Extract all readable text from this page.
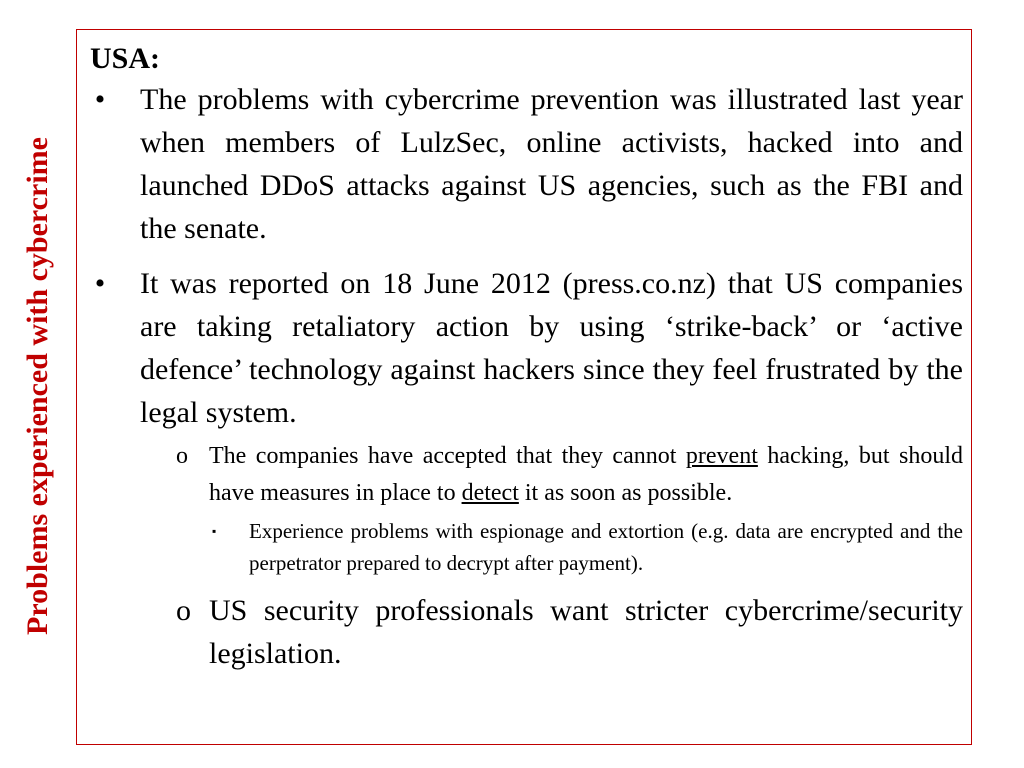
Problems experienced with cybercrime
USA:
• The problems with cybercrime prevention was illustrated last year when members of LulzSec, online activists, hacked into and launched DDoS attacks against US agencies, such as the FBI and the senate.
• It was reported on 18 June 2012 (press.co.nz) that US companies are taking retaliatory action by using ‘strike-back’ or ‘active defence’ technology against hackers since they feel frustrated by the legal system.
o The companies have accepted that they cannot prevent hacking, but should have measures in place to detect it as soon as possible.
▪ Experience problems with espionage and extortion (e.g. data are encrypted and the perpetrator prepared to decrypt after payment).
o US security professionals want stricter cybercrime/security legislation.
